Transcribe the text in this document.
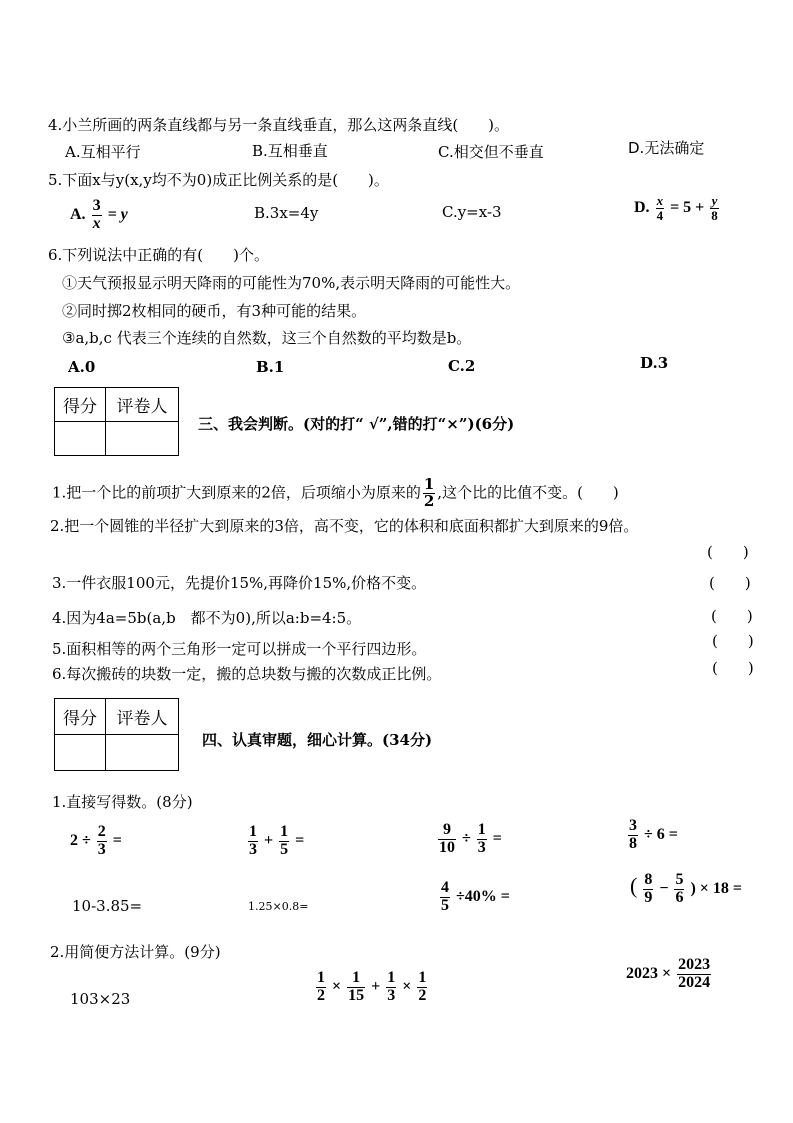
4.小兰所画的两条直线都与另一条直线垂直，那么这两条直线(　　)。
A.互相平行	B.互相垂直	C.相交但不垂直	D.无法确定
5.下面x与y(x,y均不为0)成正比例关系的是(　　)。
A. $\frac{3}{x} = y$	B.3x=4y	C.y=x-3	D. $\frac{x}{4} = 5 + \frac{y}{8}$
6.下列说法中正确的有(　　)个。
①天气预报显示明天降雨的可能性为70%,表示明天降雨的可能性大。
②同时掷2枚相同的硬币，有3种可能的结果。
③a,b,c 代表三个连续的自然数，这三个自然数的平均数是b。
A.0	B.1	C.2	D.3
得分	评卷人

三、我会判断。(对的打“ √”,错的打“×”)(6分)
1.把一个比的前项扩大到原来的2倍，后项缩小为原来的 $\frac{1}{2}$ ,这个比的比值不变。(　　)
2.把一个圆锥的半径扩大到原来的3倍，高不变，它的体积和底面积都扩大到原来的9倍。
(　　)
3.一件衣服100元，先提价15%,再降价15%,价格不变。	(　　)
4.因为4a=5b(a,b　都不为0),所以a:b=4:5。	(　　)
5.面积相等的两个三角形一定可以拼成一个平行四边形。	(　　)
6.每次搬砖的块数一定，搬的总块数与搬的次数成正比例。	(　　)
得分	评卷人

四、认真审题，细心计算。(34分)
1.直接写得数。(8分)
$2 \div \frac{2}{3}$ =	$\frac{1}{3} + \frac{1}{5}$ =	$\frac{9}{10} \div \frac{1}{3}$ =	$\frac{3}{8} \div 6$ =
10-3.85=	1.25×0.8=	$\frac{4}{5} \div 40\%$ =	( $\frac{8}{9} - \frac{5}{6}$ ) × 18 =
2.用简便方法计算。(9分)
103×23	$\frac{1}{2} \times \frac{1}{15} + \frac{1}{3} \times \frac{1}{2}$	$2023 \times \frac{2023}{2024}$
